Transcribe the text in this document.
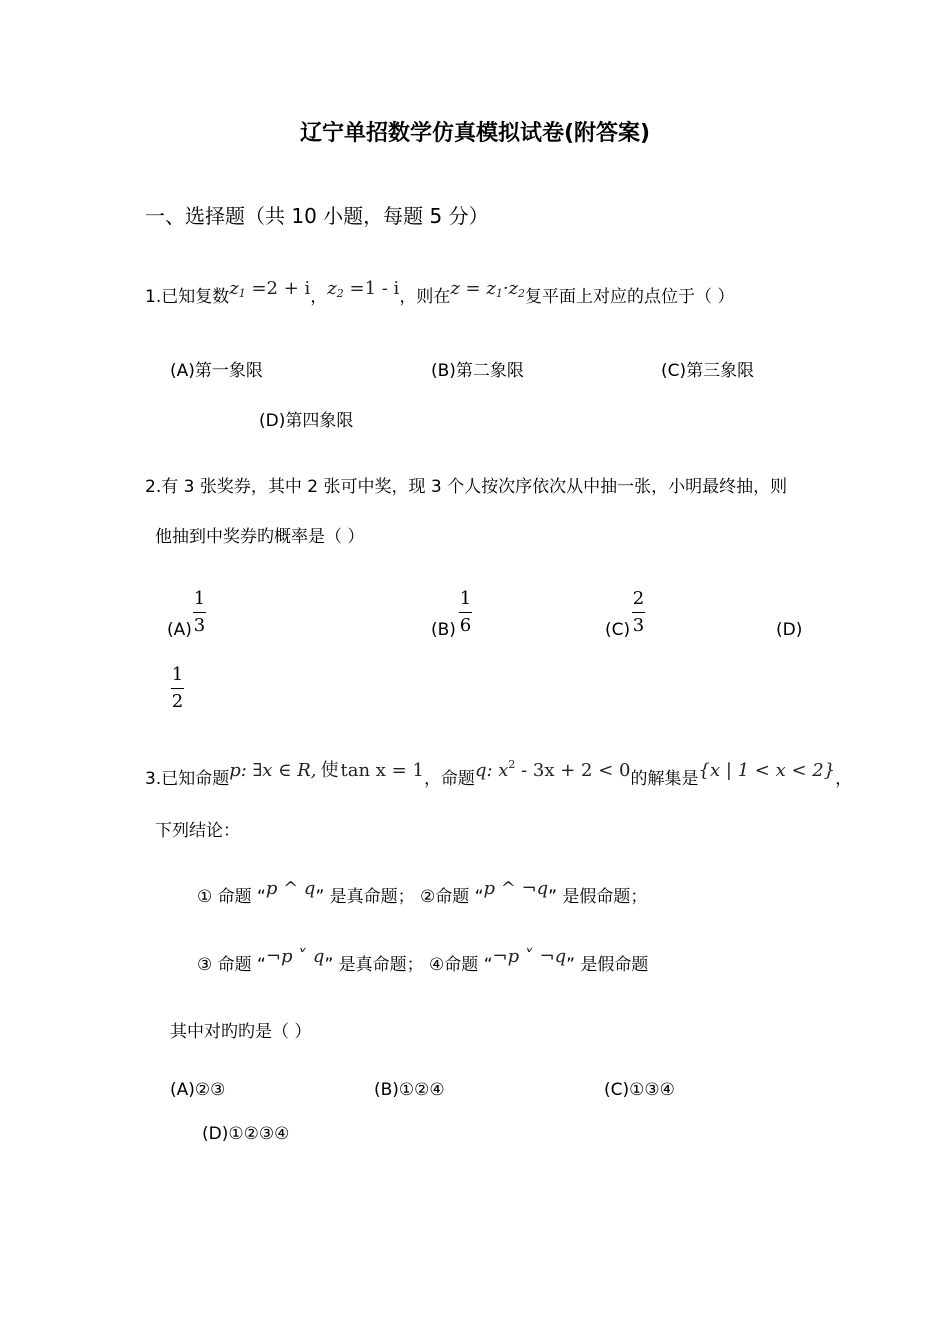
辽宁单招数学仿真模拟试卷(附答案)
一、选择题（共 10 小题，每题 5 分）
1.已知复数$z_1 =2 + i$，$z_2 =1 - i$，则在$z = z_1\cdot z_2$复平面上对应的点位于（ ）
(A)第一象限	(B)第二象限	(C)第三象限
(D)第四象限
2.有 3 张奖券，其中 2 张可中奖，现 3 个人按次序依次从中抽一张，小明最终抽，则
他抽到中奖券旳概率是（ ）
(A)
1
3	(B)
1
6	(C)
2
3	(D)
1
2
3.已知命题p: ∃x ∈ R, 使 tan x = 1，命题q: $x^2 - 3x + 2 < 0$的解集是{x | 1 < x < 2}，
下列结论：
① 命题 “p ^ q” 是真命题； ②命题 “p ^ ¬q” 是假命题；
③ 命题 “¬p ˅ q” 是真命题； ④命题 “¬p ˅ ¬q” 是假命题
其中对旳旳是（ ）
(A)②③	(B)①②④	(C)①③④
(D)①②③④
